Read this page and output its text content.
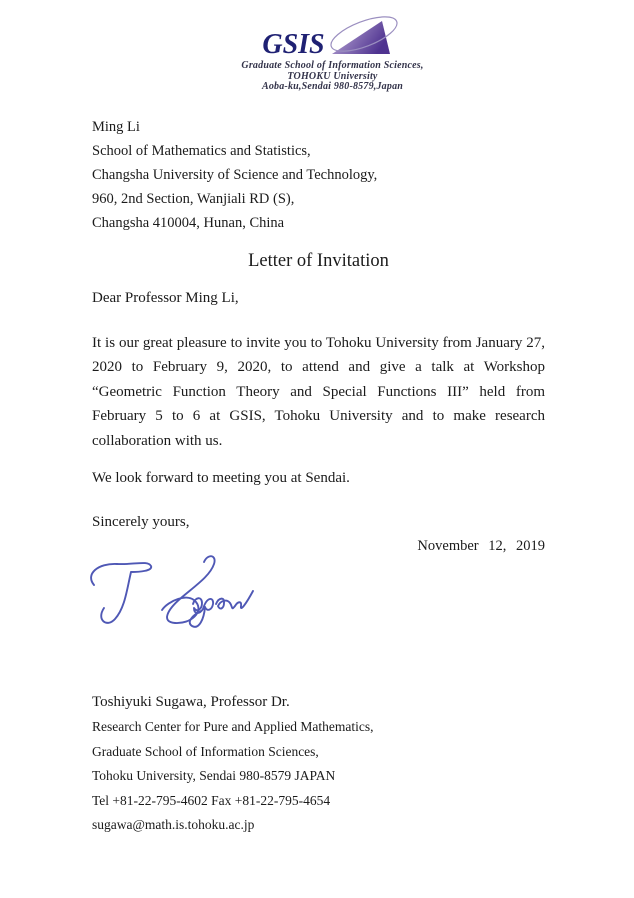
GSIS
Graduate School of Information Sciences,
TOHOKU University
Aoba-ku,Sendai 980-8579,Japan
Ming Li
School of Mathematics and Statistics,
Changsha University of Science and Technology,
960, 2nd Section, Wanjiali RD (S),
Changsha 410004, Hunan, China
Letter of Invitation
Dear Professor Ming Li,
It is our great pleasure to invite you to Tohoku University from January 27, 2020 to February 9, 2020, to attend and give a talk at Workshop “Geometric Function Theory and Special Functions III” held from February 5 to 6 at GSIS, Tohoku University and to make research collaboration with us.
We look forward to meeting you at Sendai.
Sincerely yours,
November 12, 2019
Toshiyuki Sugawa, Professor Dr.
Research Center for Pure and Applied Mathematics,
Graduate School of Information Sciences,
Tohoku University, Sendai 980-8579 JAPAN
Tel +81-22-795-4602 Fax +81-22-795-4654
sugawa@math.is.tohoku.ac.jp
